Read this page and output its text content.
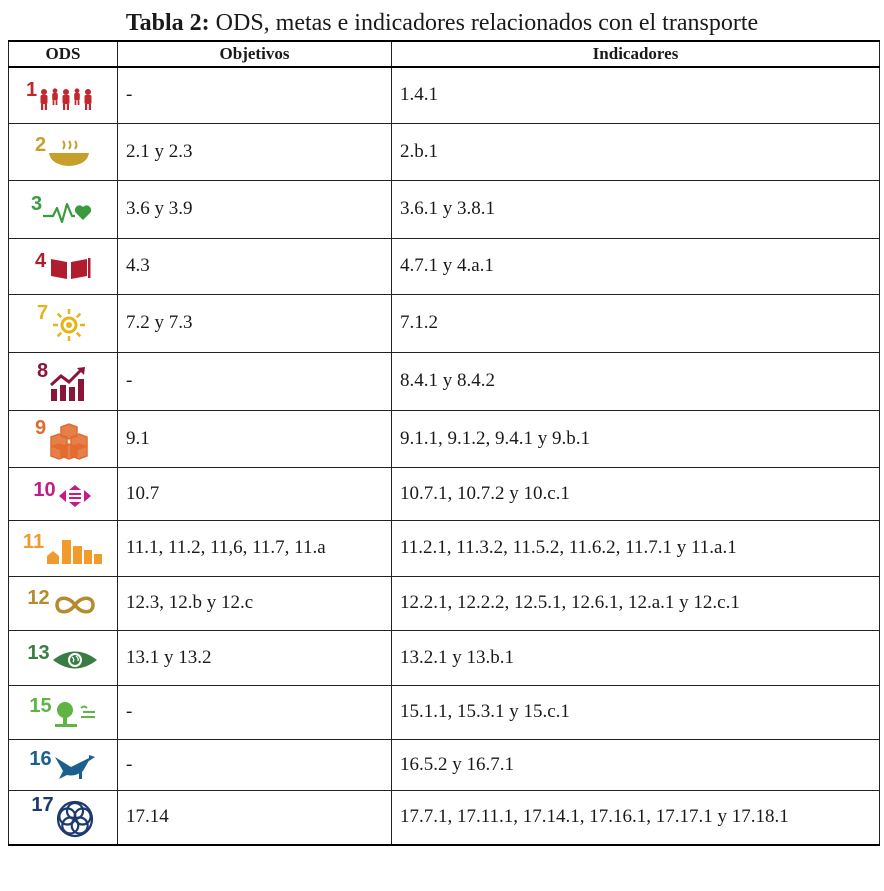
Tabla 2: ODS, metas e indicadores relacionados con el transporte
ODS	Objetivos	Indicadores

1	-	1.4.1

2	2.1 y 2.3	2.b.1

3	3.6 y 3.9	3.6.1 y 3.8.1

4	4.3	4.7.1 y 4.a.1

7	7.2 y 7.3	7.1.2

8	-	8.4.1 y 8.4.2

9	9.1	9.1.1, 9.1.2, 9.4.1 y 9.b.1

10	10.7	10.7.1, 10.7.2 y 10.c.1

11	11.1, 11.2, 11,6, 11.7, 11.a	11.2.1, 11.3.2, 11.5.2, 11.6.2, 11.7.1 y 11.a.1

12	12.3, 12.b y 12.c	12.2.1, 12.2.2, 12.5.1, 12.6.1, 12.a.1 y 12.c.1

13	13.1 y 13.2	13.2.1 y 13.b.1

15	-	15.1.1, 15.3.1 y 15.c.1

16	-	16.5.2 y 16.7.1

17	17.14	17.7.1, 17.11.1, 17.14.1, 17.16.1, 17.17.1 y 17.18.1
